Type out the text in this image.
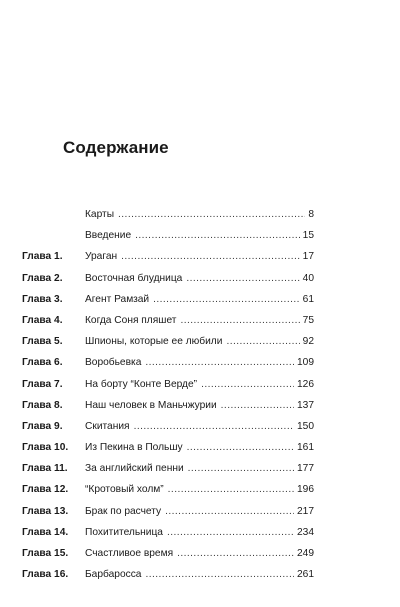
Содержание
Карты . . .	8
Введение . . .	15
Глава 1.	Ураган . . .	17
Глава 2.	Восточная блудница . . .	40
Глава 3.	Агент Рамзай . . .	61
Глава 4.	Когда Соня пляшет . . .	75
Глава 5.	Шпионы, которые ее любили . . .	92
Глава 6.	Воробьевка . . .	109
Глава 7.	На борту “Конте Верде” . . .	126
Глава 8.	Наш человек в Маньчжурии . . .	137
Глава 9.	Скитания . . .	150
Глава 10.	Из Пекина в Польшу . . .	161
Глава 11.	За английский пенни . . .	177
Глава 12.	“Кротовый холм” . . .	196
Глава 13.	Брак по расчету . . .	217
Глава 14.	Похитительница . . .	234
Глава 15.	Счастливое время . . .	249
Глава 16.	Барбаросса . . .	261
